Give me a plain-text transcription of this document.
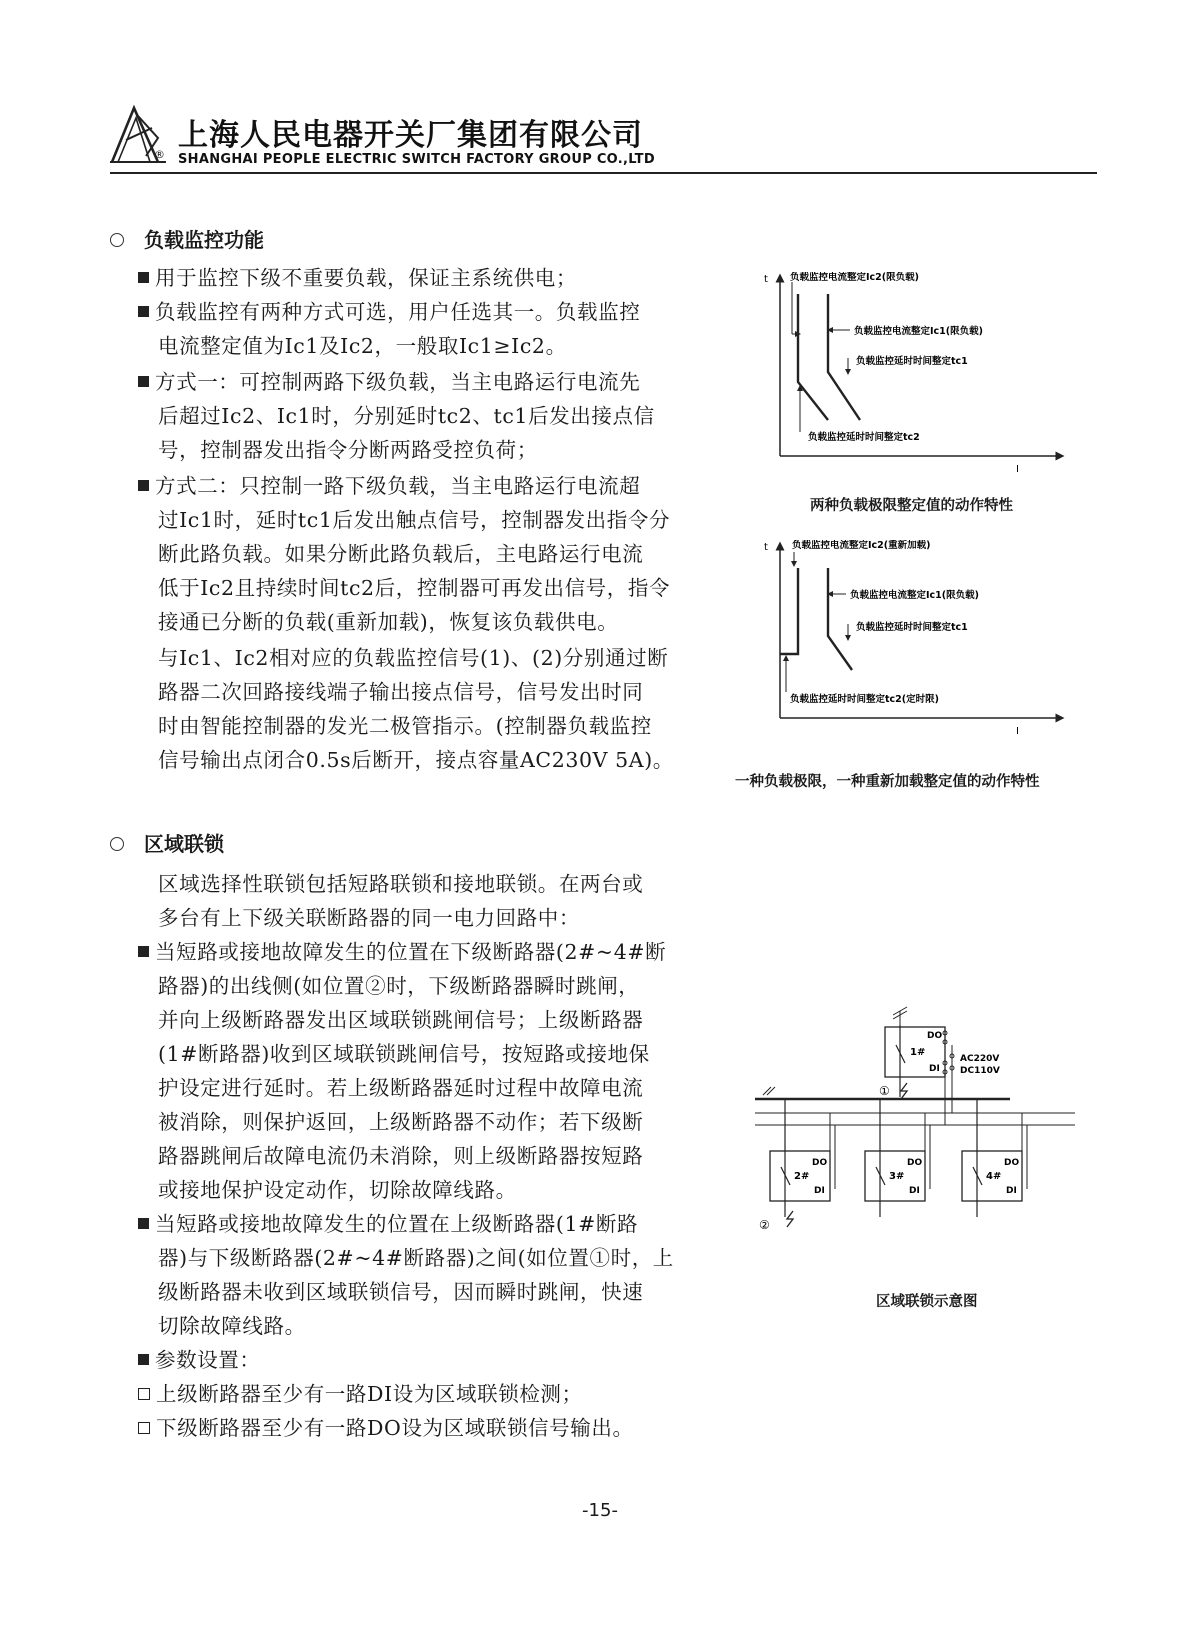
®
上海人民电器开关厂集团有限公司
SHANGHAI PEOPLE ELECTRIC SWITCH FACTORY GROUP CO.,LTD
负载监控功能
用于监控下级不重要负载，保证主系统供电；
负载监控有两种方式可选，用户任选其一。负载监控
电流整定值为Ic1及Ic2，一般取Ic1≥Ic2。
方式一：可控制两路下级负载，当主电路运行电流先
后超过Ic2、Ic1时，分别延时tc2、tc1后发出接点信
号，控制器发出指令分断两路受控负荷；
方式二：只控制一路下级负载，当主电路运行电流超
过Ic1时，延时tc1后发出触点信号，控制器发出指令分
断此路负载。如果分断此路负载后，主电路运行电流
低于Ic2且持续时间tc2后，控制器可再发出信号，指令
接通已分断的负载(重新加载)，恢复该负载供电。
与Ic1、Ic2相对应的负载监控信号(1)、(2)分别通过断
路器二次回路接线端子输出接点信号，信号发出时同
时由智能控制器的发光二极管指示。(控制器负载监控
信号输出点闭合0.5s后断开，接点容量AC230V 5A)。
t
I
负载监控电流整定Ic2(限负载)
负载监控电流整定Ic1(限负载)
负载监控延时时间整定tc1
负载监控延时时间整定tc2
两种负载极限整定值的动作特性
t
I
负载监控电流整定Ic2(重新加载)
负载监控电流整定Ic1(限负载)
负载监控延时时间整定tc1
负载监控延时时间整定tc2(定时限)
一种负载极限，一种重新加载整定值的动作特性
区域联锁
区域选择性联锁包括短路联锁和接地联锁。在两台或
多台有上下级关联断路器的同一电力回路中：
当短路或接地故障发生的位置在下级断路器(2#~4#断
路器)的出线侧(如位置②时，下级断路器瞬时跳闸，
并向上级断路器发出区域联锁跳闸信号；上级断路器
(1#断路器)收到区域联锁跳闸信号，按短路或接地保
护设定进行延时。若上级断路器延时过程中故障电流
被消除，则保护返回，上级断路器不动作；若下级断
路器跳闸后故障电流仍未消除，则上级断路器按短路
或接地保护设定动作，切除故障线路。
当短路或接地故障发生的位置在上级断路器(1#断路
器)与下级断路器(2#~4#断路器)之间(如位置①时，上
级断路器未收到区域联锁信号，因而瞬时跳闸，快速
切除故障线路。
参数设置：
上级断路器至少有一路DI设为区域联锁检测；
下级断路器至少有一路DO设为区域联锁信号输出。
1#
DO
DI
AC220V
DC110V
①
2#
DO
DI
3#
DO
DI
4#
DO
DI
②
区域联锁示意图
-15-
